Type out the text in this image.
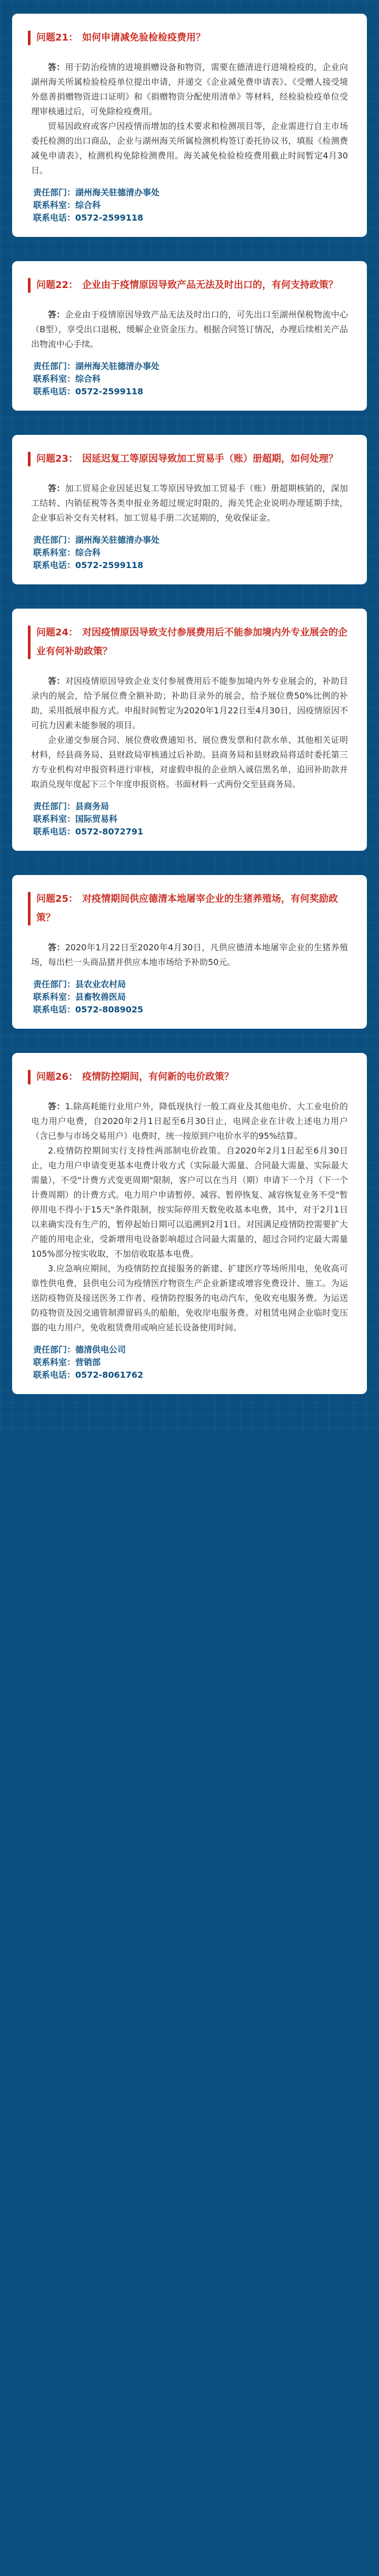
问题21： 如何申请减免验检检疫费用？

答：用于防治疫情的进境捐赠设备和物资，需要在德清进行进境检疫的，企业向湖州海关所属检验检疫单位提出申请，并递交《企业减免费申请表》、《受赠人接受境外慈善捐赠物资进口证明》和《捐赠物资分配使用清单》等材料，经检验检疫单位受理审核通过后，可免除检疫费用。

贸易因政府或客户因疫情而增加的技术要求和检测项目等，企业需进行自主市场委托检测的出口商品，企业与湖州海关所属检测机构签订委托协议书，填报《检测费减免申请表》，检测机构免除检测费用。海关减免检验检疫费用截止时间暂定4月30日。

责任部门：湖州海关驻德清办事处
联系科室：综合科
联系电话：0572-2599118
问题22： 企业由于疫情原因导致产品无法及时出口的，有何支持政策？

答：企业由于疫情原因导致产品无法及时出口的，可先出口至湖州保税物流中心（B型），享受出口退税，缓解企业资金压力。根据合同签订情况，办理后续相关产品出物流中心手续。

责任部门：湖州海关驻德清办事处
联系科室：综合科
联系电话：0572-2599118
问题23： 因延迟复工等原因导致加工贸易手（账）册超期，如何处理？

答：加工贸易企业因延迟复工等原因导致加工贸易手（账）册超期核销的，深加工结转、内销征税等各类申报业务超过规定时限的，海关凭企业说明办理延期手续，企业事后补交有关材料。加工贸易手册二次延期的，免收保证金。

责任部门：湖州海关驻德清办事处
联系科室：综合科
联系电话：0572-2599118
问题24： 对因疫情原因导致支付参展费用后不能参加境内外专业展会的企业有何补助政策？

答：对因疫情原因导致企业支付参展费用后不能参加境内外专业展会的，补助目录内的展会，给予展位费全额补助；补助目录外的展会，给予展位费50%比例的补助，采用抵展申报方式。申报时间暂定为2020年1月22日至4月30日，因疫情原因不可抗力因素未能参展的项目。

企业递交参展合同、展位费收费通知书、展位费发票和付款水单、其他相关证明材料，经县商务局、县财政局审核通过后补助。县商务局和县财政局将适时委托第三方专业机构对申报资料进行审核，对虚假申报的企业纳入诚信黑名单，追回补助款并取消兑现年度起下三个年度申报资格。书面材料一式两份交至县商务局。

责任部门：县商务局
联系科室：国际贸易科
联系电话：0572-8072791
问题25： 对疫情期间供应德清本地屠宰企业的生猪养殖场，有何奖励政策？

答：2020年1月22日至2020年4月30日，凡供应德清本地屠宰企业的生猪养殖场，每出栏一头商品猪并供应本地市场给予补助50元。

责任部门：县农业农村局
联系科室：县畜牧兽医局
联系电话：0572-8089025
问题26： 疫情防控期间，有何新的电价政策？

答：1.除高耗能行业用户外，降低现执行一般工商业及其他电价、大工业电价的电力用户电费，自2020年2月1日起至6月30日止，电网企业在计收上述电力用户（含已参与市场交易用户）电费时，统一按原到户电价水平的95%结算。

2.疫情防控期间实行支持性两部制电价政策。自2020年2月1日起至6月30日止，电力用户申请变更基本电费计收方式（实际最大需量、合同最大需量、实际最大需量），不受"计费方式变更周期"限制，客户可以在当月（期）申请下一个月（下一个计费周期）的计费方式。电力用户申请暂停、减容、暂停恢复、减容恢复业务不受"暂停用电不得小于15天"条件限制，按实际停用天数免收基本电费，其中，对于2月1日以来确实没有生产的，暂停起始日期可以追溯到2月1日。对因满足疫情防控需要扩大产能的用电企业，受新增用电设备影响超过合同最大需量的，超过合同约定最大需量105%部分按实收取，不加倍收取基本电费。

3.应急响应期间，为疫情防控直接服务的新建、扩建医疗等场所用电，免收高可靠性供电费，县供电公司为疫情医疗物资生产企业新建或增容免费设计、施工。为运送防疫物资及接送医务工作者、疫情防控服务的电动汽车，免收充电服务费。为运送防疫物资及因交通管制滞留码头的船舶，免收岸电服务费。对租赁电网企业临时变压器的电力用户，免收租赁费用或响应延长设备使用时间。

责任部门：德清供电公司
联系科室：营销部
联系电话：0572-8061762
